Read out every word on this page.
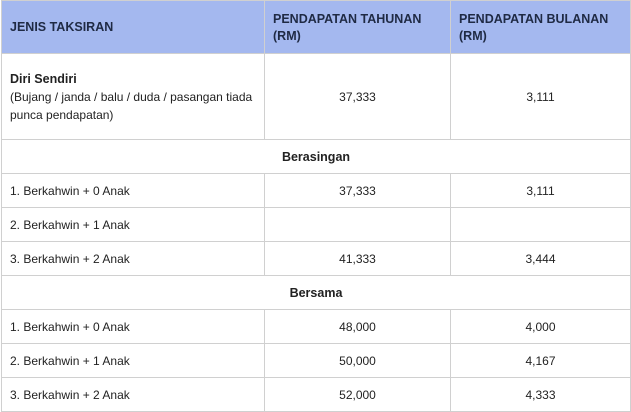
JENIS TAKSIRAN	PENDAPATAN TAHUNAN (RM)	PENDAPATAN BULANAN (RM)

Diri Sendiri
(Bujang / janda / balu / duda / pasangan tiada punca pendapatan)	37,333	3,111
Berasingan		
1. Berkahwin + 0 Anak	37,333	3,111
2. Berkahwin + 1 Anak		
3. Berkahwin + 2 Anak	41,333	3,444
Bersama		
1. Berkahwin + 0 Anak	48,000	4,000
2. Berkahwin + 1 Anak	50,000	4,167
3. Berkahwin + 2 Anak	52,000	4,333
